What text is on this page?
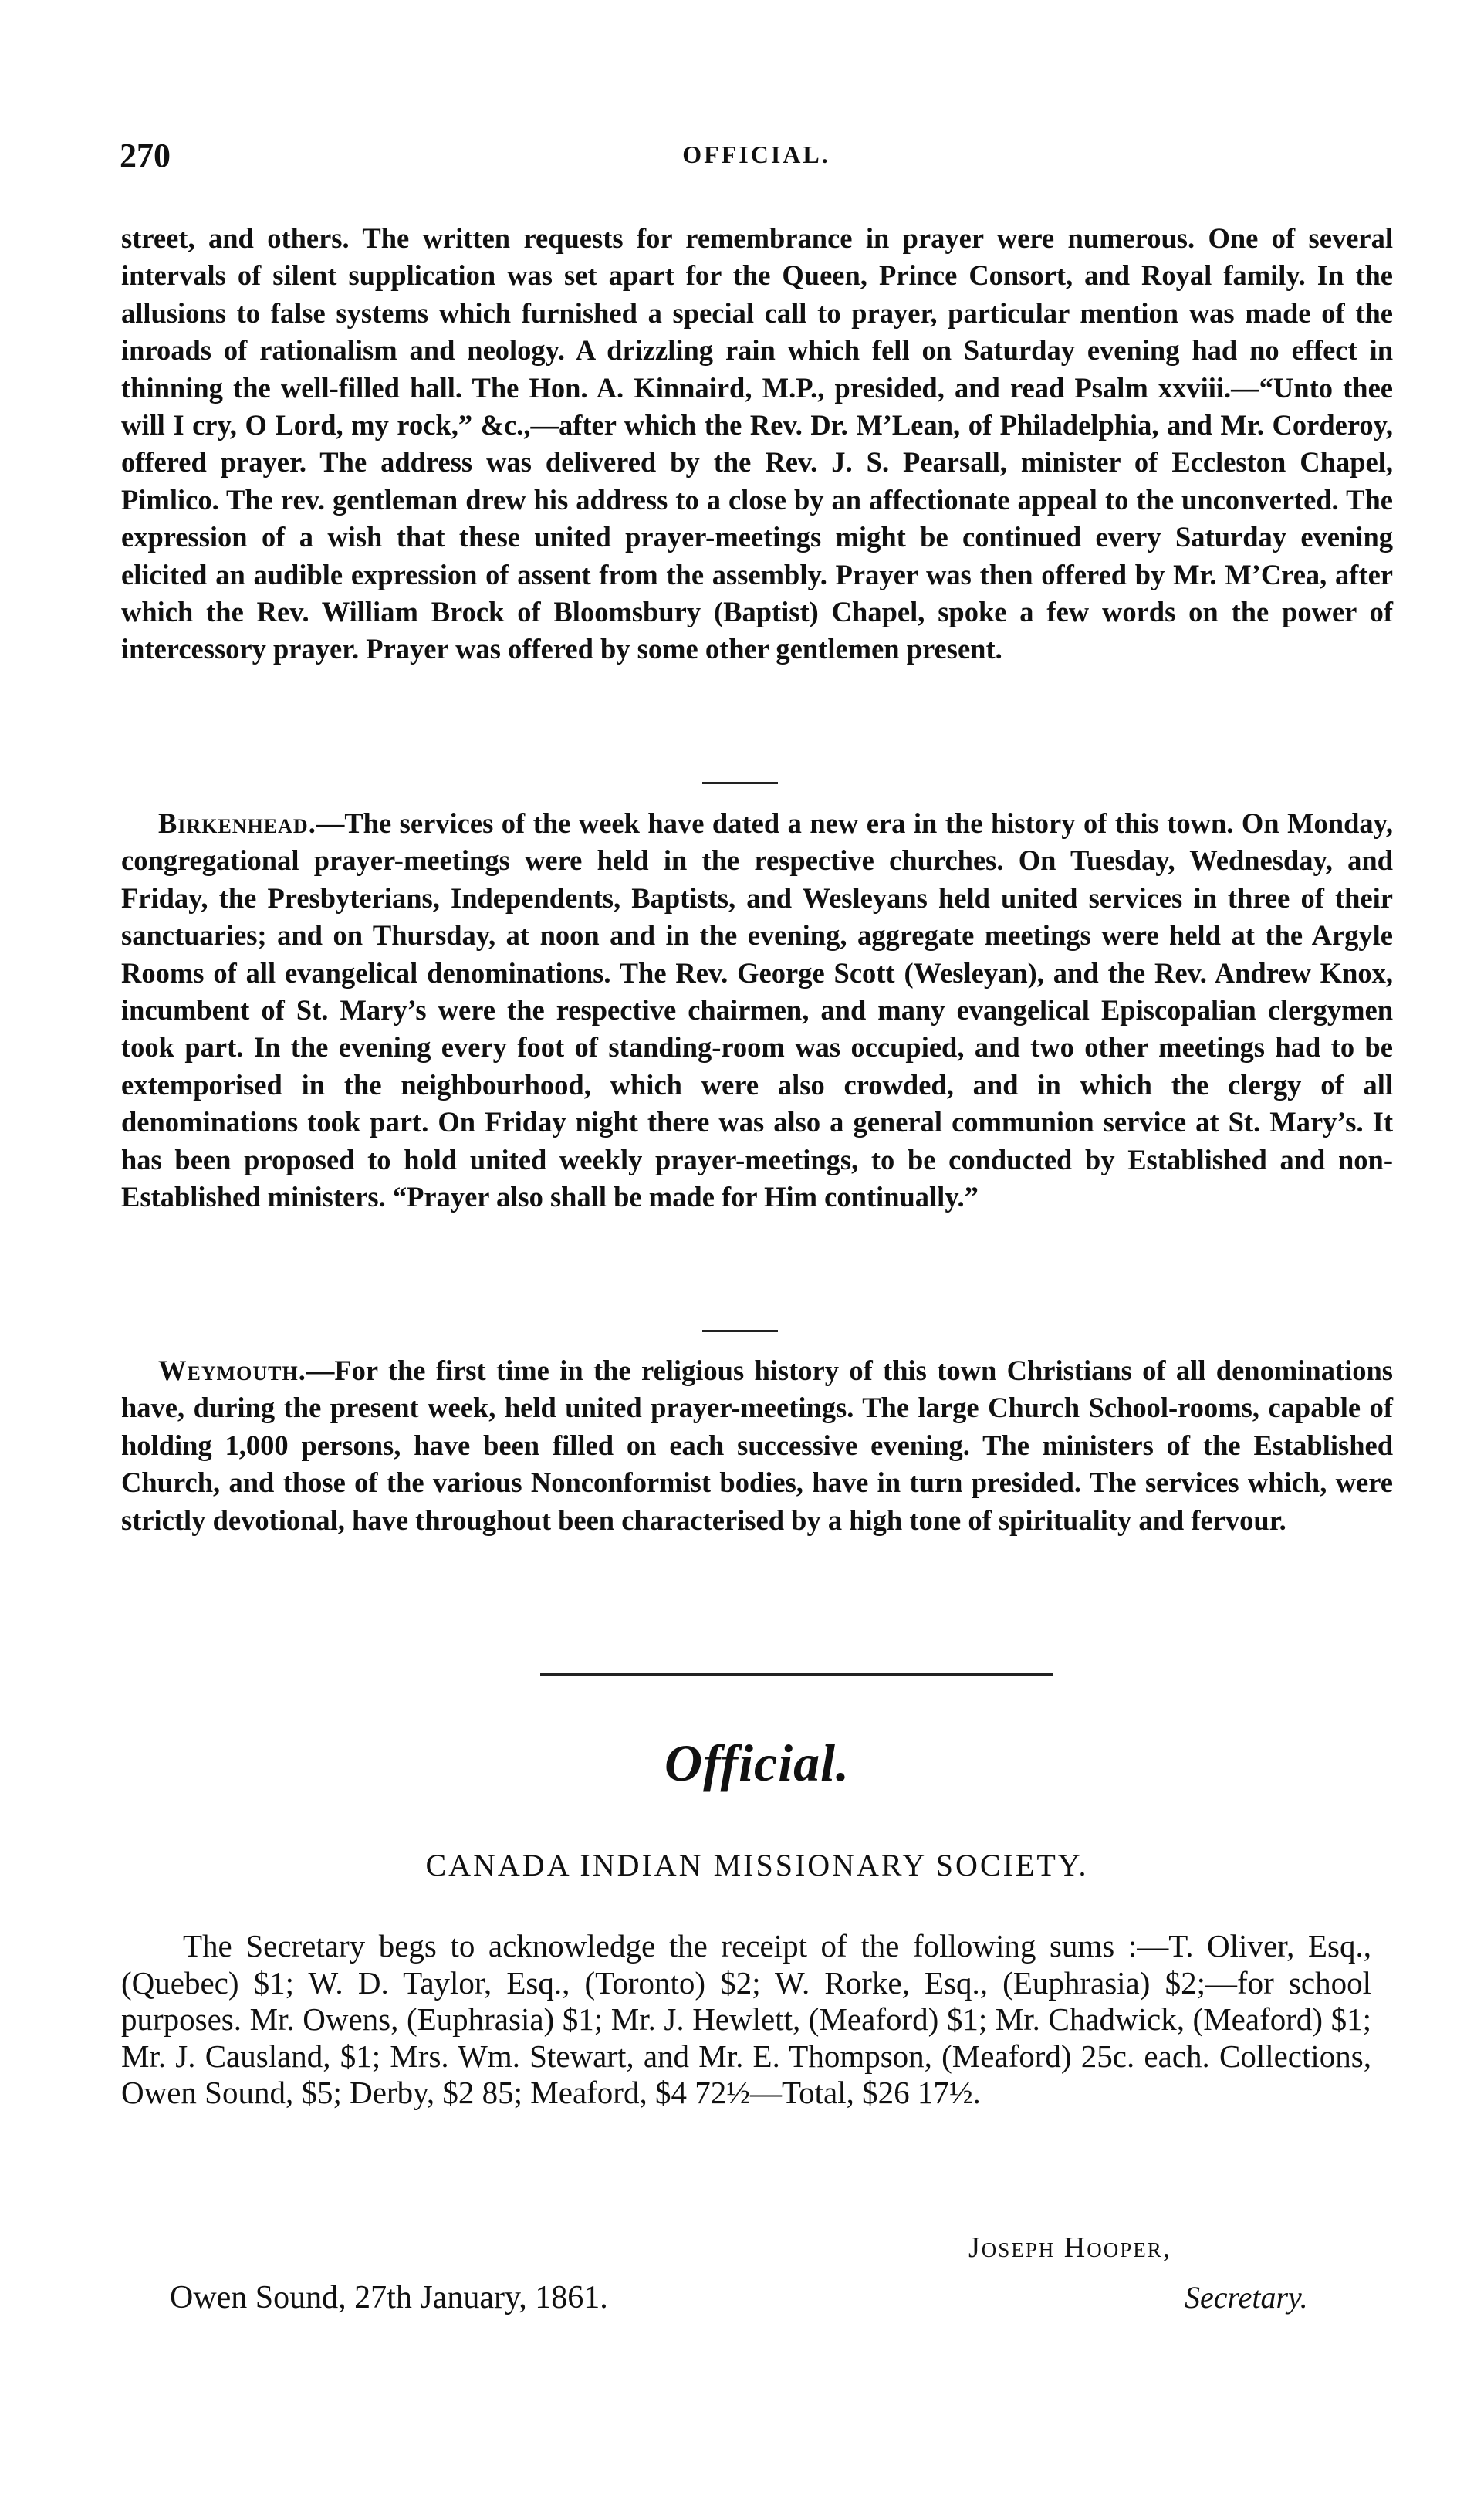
270	OFFICIAL.

street, and others. The written requests for remembrance in prayer were numerous. One of several intervals of silent supplication was set apart for the Queen, Prince Consort, and Royal family. In the allusions to false systems which furnished a special call to prayer, particular mention was made of the inroads of rationalism and neology. A drizzling rain which fell on Saturday evening had no effect in thinning the well-filled hall. The Hon. A. Kinnaird, M.P., presided, and read Psalm xxviii.—“Unto thee will I cry, O Lord, my rock,” &c.,—after which the Rev. Dr. M’Lean, of Philadelphia, and Mr. Corderoy, offered prayer. The address was delivered by the Rev. J. S. Pearsall, minister of Eccleston Chapel, Pimlico. The rev. gentleman drew his address to a close by an affectionate appeal to the unconverted. The expression of a wish that these united prayer-meetings might be continued every Saturday evening elicited an audible expression of assent from the assembly. Prayer was then offered by Mr. M’Crea, after which the Rev. William Brock of Bloomsbury (Baptist) Chapel, spoke a few words on the power of intercessory prayer. Prayer was offered by some other gentlemen present.

Birkenhead.—The services of the week have dated a new era in the history of this town. On Monday, congregational prayer-meetings were held in the respective churches. On Tuesday, Wednesday, and Friday, the Presbyterians, Independents, Baptists, and Wesleyans held united services in three of their sanctuaries; and on Thursday, at noon and in the evening, aggregate meetings were held at the Argyle Rooms of all evangelical denominations. The Rev. George Scott (Wesleyan), and the Rev. Andrew Knox, incumbent of St. Mary’s were the respective chairmen, and many evangelical Episcopalian clergymen took part. In the evening every foot of standing-room was occupied, and two other meetings had to be extemporised in the neighbourhood, which were also crowded, and in which the clergy of all denominations took part. On Friday night there was also a general communion service at St. Mary’s. It has been proposed to hold united weekly prayer-meetings, to be conducted by Established and non-Established ministers. “Prayer also shall be made for Him continually.”

Weymouth.—For the first time in the religious history of this town Christians of all denominations have, during the present week, held united prayer-meetings. The large Church School-rooms, capable of holding 1,000 persons, have been filled on each successive evening. The ministers of the Established Church, and those of the various Nonconformist bodies, have in turn presided. The services which, were strictly devotional, have throughout been characterised by a high tone of spirituality and fervour.

Official.
CANADA INDIAN MISSIONARY SOCIETY.

The Secretary begs to acknowledge the receipt of the following sums :—T. Oliver, Esq., (Quebec) $1; W. D. Taylor, Esq., (Toronto) $2; W. Rorke, Esq., (Euphrasia) $2;—for school purposes. Mr. Owens, (Euphrasia) $1; Mr. J. Hewlett, (Meaford) $1; Mr. Chadwick, (Meaford) $1; Mr. J. Causland, $1; Mrs. Wm. Stewart, and Mr. E. Thompson, (Meaford) 25c. each. Collections, Owen Sound, $5; Derby, $2 85; Meaford, $4 72½—Total, $26 17½.

Joseph Hooper,
Owen Sound, 27th January, 1861.	Secretary.
